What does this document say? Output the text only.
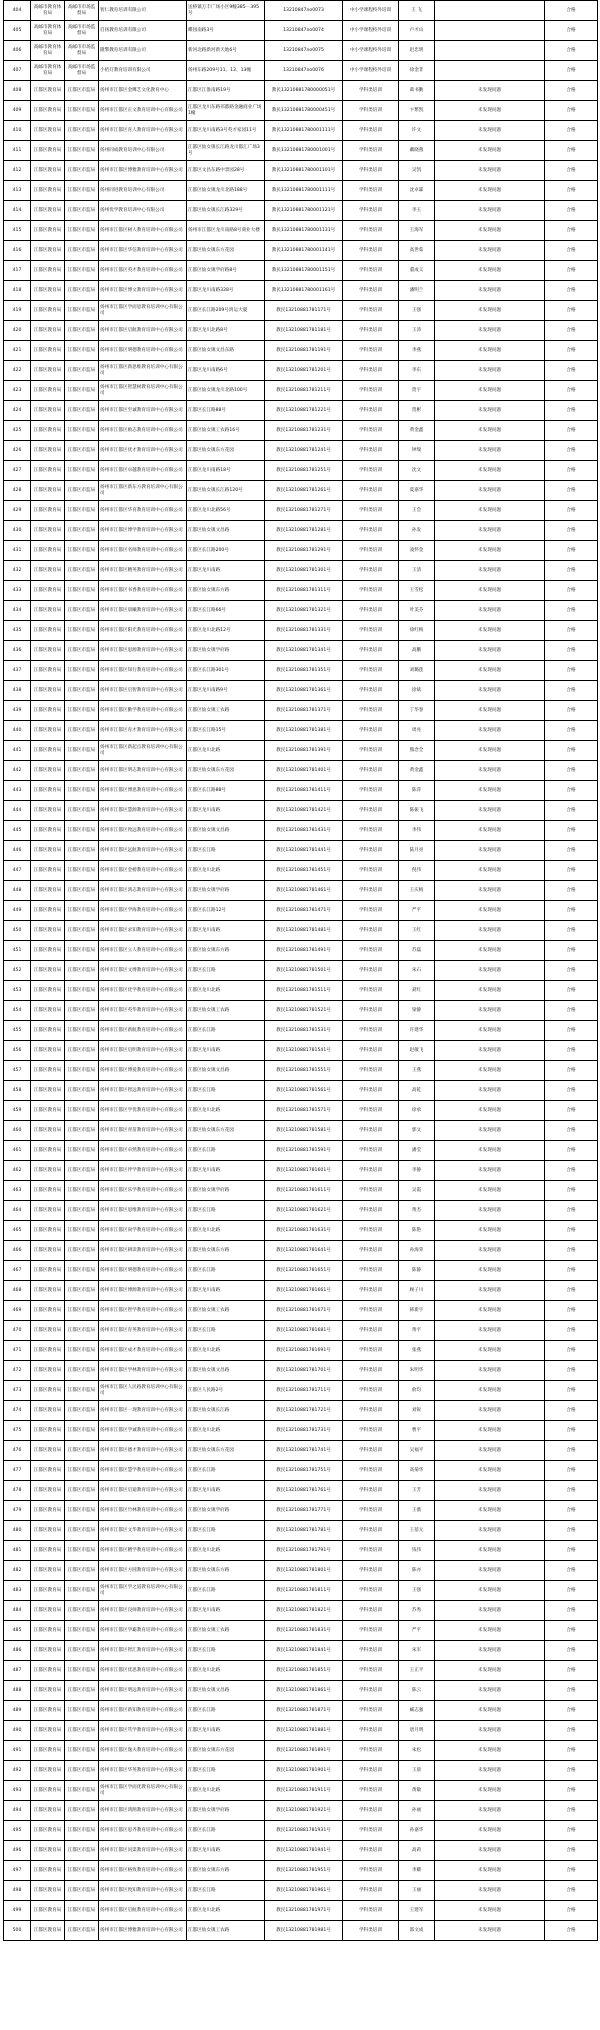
404	高邮市教育体育局	高邮市市场监督局	智仁教育培训有限公司	送桥镇万丰广场小区9幢385－395号	13210847no0073	中小学课程校外培训	王 飞		合格
405	高邮市教育体育局	高邮市市场监督局	启扬教育培训有限公司	蝶园南路3号	13210847no0074	中小学课程校外培训	卢才山		合格
406	高邮市教育体育局	高邮市市场监督局	隆擎教育培训有限公司	新河北路新河新天地6号	13210847no0075	中小学课程校外培训	赵忠明		合格
407	高邮市教育体育局	高邮市市场监督局	小桔灯教育培训有限公司	扬州东路209号11、12、13幢	13210847no0076	中小学课程校外培训	徐金非		合格
408	江都区教育局	江都区市监局	扬州市江都区金鹰艺文化教育中心	江都区江淮南路19号	教民13210881780000051号	学科类培训	葛书勤	未发现问题	合格
409	江都区教育局	江都区市监局	扬州市江都区正文教育培训中心有限公司	江都区龙川东路邗都路金融商业广场1幢	教民13210881780000451号	学科类培训	卞繁凯	未发现问题	合格
410	江都区教育局	江都区市监局	扬州市江都区育人教育培训中心有限公司	江都区龙川南路3号英才家园11号	教民13210881780001111号	学科类培训	许文	未发现问题	合格
411	江都区教育局	江都区市监局	扬州同成教育培训中心有限公司	江都区仙女镇长江路龙川都汇广场3号	教民13210881780001001号	学科类培训	戴晓燕	未发现问题	合格
412	江都区教育局	江都区市监局	扬州市江都区博雅教育培训中心有限公司	江都区文昌东路中景园28号	教民13210881780001101号	学科类培训	吴凯	未发现问题	合格
413	江都区教育局	江都区市监局	扬州同进教育培训中心有限公司	江都区仙女镇龙川北路188号	教民13210881780001111号	学科类培训	沈卓霖	未发现问题	合格
414	江都区教育局	江都区市监局	扬州优学教育培训中心有限公司	江都区仙女镇长江路329号	教民13210881780001121号	学科类培训	李玉	未发现问题	合格
415	江都区教育局	江都区市监局	扬州市江都区树人教育培训中心有限公司	扬州市江都区龙川南路8号商业大楼	教民13210881780001131号	学科类培训	王海军	未发现问题	合格
416	江都区教育局	江都区市监局	扬州市江都区华信教育培训中心有限公司	江都区仙女镇东方花园	教民13210881780001141号	学科类培训	高世茹	未发现问题	合格
417	江都区教育局	江都区市监局	扬州市江都区英才教育培训中心有限公司	江都区仙女镇学府路8号	教民13210881780001151号	学科类培训	董成义	未发现问题	合格
418	江都区教育局	江都区市监局	扬州市江都区博文教育培训中心有限公司	江都区龙川南路328号	教民13210881780001161号	学科类培训	潘明兰	未发现问题	合格
419	江都区教育局	江都区市监局	扬州市江都区学而思教育培训中心有限公司	江都区长江路209号鸿运大厦	教民13210881781171号	学科类培训	王强	未发现问题	合格
420	江都区教育局	江都区市监局	扬州市江都区启航教育培训中心有限公司	江都区龙川北路8号	教民13210881781181号	学科类培训	王沛	未发现问题	合格
421	江都区教育局	江都区市监局	扬州市江都区明德教育培训中心有限公司	江都区仙女镇文昌东路	教民13210881781191号	学科类培训	李燕	未发现问题	合格
422	江都区教育局	江都区市监局	扬州市江都区新思维教育培训中心有限公司	江都区龙川南路6号	教民13210881781201号	学科类培训	李东	未发现问题	合格
423	江都区教育局	江都区市监局	扬州市江都区智慧树教育培训中心有限公司	江都区仙女镇龙川北路100号	教民13210881781211号	学科类培训	贺宇	未发现问题	合格
424	江都区教育局	江都区市监局	扬州市江都区至诚教育培训中心有限公司	江都区长江路88号	教民13210881781221号	学科类培训	贺彬	未发现问题	合格
425	江都区教育局	江都区市监局	扬州市江都区励志教育培训中心有限公司	江都区仙女镇工农路16号	教民13210881781231号	学科类培训	黄金鑫	未发现问题	合格
426	江都区教育局	江都区市监局	扬州市江都区优才教育培训中心有限公司	江都区仙女镇东方花园	教民13210881781241号	学科类培训	钟瑞	未发现问题	合格
427	江都区教育局	江都区市监局	扬州市江都区卓越教育培训中心有限公司	江都区龙川南路18号	教民13210881781251号	学科类培训	沈文	未发现问题	合格
428	江都区教育局	江都区市监局	扬州市江都区新东方教育培训中心有限公司	江都区仙女镇长江路120号	教民13210881781261号	学科类培训	夏嘉华	未发现问题	合格
429	江都区教育局	江都区市监局	扬州市江都区华育教育培训中心有限公司	江都区龙川北路56号	教民13210881781271号	学科类培训	王会	未发现问题	合格
430	江都区教育局	江都区市监局	扬州市江都区博学教育培训中心有限公司	江都区仙女镇文昌路	教民13210881781281号	学科类培训	孙发	未发现问题	合格
431	江都区教育局	江都区市监局	扬州市江都区名师教育培训中心有限公司	江都区长江路200号	教民13210881781291号	学科类培训	凌怀金	未发现问题	合格
432	江都区教育局	江都区市监局	扬州市江都区精英教育培训中心有限公司	江都区龙川南路	教民13210881781301号	学科类培训	王清	未发现问题	合格
433	江都区教育局	江都区市监局	扬州市江都区书香教育培训中心有限公司	江都区仙女镇东方路	教民13210881781311号	学科类培训	王雪松	未发现问题	合格
434	江都区教育局	江都区市监局	扬州市江都区晨曦教育培训中心有限公司	江都区长江路66号	教民13210881781321号	学科类培训	叶美芬	未发现问题	合格
435	江都区教育局	江都区市监局	扬州市江都区阳光教育培训中心有限公司	江都区龙川北路12号	教民13210881781331号	学科类培训	徐红梅	未发现问题	合格
436	江都区教育局	江都区市监局	扬州市江都区思源教育培训中心有限公司	江都区仙女镇学府路	教民13210881781341号	学科类培训	高鹏	未发现问题	合格
437	江都区教育局	江都区市监局	扬州市江都区知行教育培训中心有限公司	江都区长江路301号	教民13210881781351号	学科类培训	刘璐莲	未发现问题	合格
438	江都区教育局	江都区市监局	扬州市江都区启智教育培训中心有限公司	江都区龙川南路9号	教民13210881781361号	学科类培训	徐斌	未发现问题	合格
439	江都区教育局	江都区市监局	扬州市江都区勤学教育培训中心有限公司	江都区仙女镇工农路	教民13210881781371号	学科类培训	丁华春	未发现问题	合格
440	江都区教育局	江都区市监局	扬州市江都区育才教育培训中心有限公司	江都区长江路15号	教民13210881781381号	学科类培训	周亮	未发现问题	合格
441	江都区教育局	江都区市监局	扬州市江都区新起点教育培训中心有限公司	江都区龙川北路	教民13210881781391号	学科类培训	熊念全	未发现问题	合格
442	江都区教育局	江都区市监局	扬州市江都区明志教育培训中心有限公司	江都区仙女镇东方花园	教民13210881781401号	学科类培训	黄金鑫	未发现问题	合格
443	江都区教育局	江都区市监局	扬州市江都区博思教育培训中心有限公司	江都区长江路88号	教民13210881781411号	学科类培训	陈萍	未发现问题	合格
444	江都区教育局	江都区市监局	扬州市江都区慧源教育培训中心有限公司	江都区龙川南路	教民13210881781421号	学科类培训	陈振飞	未发现问题	合格
445	江都区教育局	江都区市监局	扬州市江都区致远教育培训中心有限公司	江都区仙女镇文昌路	教民13210881781431号	学科类培训	李伟	未发现问题	合格
446	江都区教育局	江都区市监局	扬州市江都区远航教育培训中心有限公司	江都区长江路	教民13210881781441号	学科类培训	陆月亮	未发现问题	合格
447	江都区教育局	江都区市监局	扬州市江都区金榜教育培训中心有限公司	江都区龙川北路	教民13210881781451号	学科类培训	倪伟	未发现问题	合格
448	江都区教育局	江都区市监局	扬州市江都区鸿志教育培训中心有限公司	江都区仙女镇学府路	教民13210881781461号	学科类培训	王庆梅	未发现问题	合格
449	江都区教育局	江都区市监局	扬州市江都区学海教育培训中心有限公司	江都区长江路12号	教民13210881781471号	学科类培训	严平	未发现问题	合格
450	江都区教育局	江都区市监局	扬州市江都区求知教育培训中心有限公司	江都区龙川南路	教民13210881781481号	学科类培训	王红	未发现问题	合格
451	江都区教育局	江都区市监局	扬州市江都区立人教育培训中心有限公司	江都区仙女镇东方路	教民13210881781491号	学科类培训	苏磊	未发现问题	合格
452	江都区教育局	江都区市监局	扬州市江都区文博教育培训中心有限公司	江都区长江路	教民13210881781501号	学科类培训	朱石	未发现问题	合格
453	江都区教育局	江都区市监局	扬州市江都区优学教育培训中心有限公司	江都区龙川北路	教民13210881781511号	学科类培训	聂红	未发现问题	合格
454	江都区教育局	江都区市监局	扬州市江都区英华教育培训中心有限公司	江都区仙女镇工农路	教民13210881781521号	学科类培训	梁静	未发现问题	合格
455	江都区教育局	江都区市监局	扬州市江都区新航教育培训中心有限公司	江都区长江路	教民13210881781531号	学科类培训	许建华	未发现问题	合格
456	江都区教育局	江都区市监局	扬州市江都区启明教育培训中心有限公司	江都区龙川南路	教民13210881781541号	学科类培训	赵敏飞	未发现问题	合格
457	江都区教育局	江都区市监局	扬州市江都区博爱教育培训中心有限公司	江都区仙女镇文昌路	教民13210881781551号	学科类培训	王燕	未发现问题	合格
458	江都区教育局	江都区市监局	扬州市江都区智远教育培训中心有限公司	江都区长江路	教民13210881781561号	学科类培训	高乾	未发现问题	合格
459	江都区教育局	江都区市监局	扬州市江都区学优教育培训中心有限公司	江都区龙川北路	教民13210881781571号	学科类培训	徐承	未发现问题	合格
460	江都区教育局	江都区市监局	扬州市江都区青苗教育培训中心有限公司	江都区仙女镇东方花园	教民13210881781581号	学科类培训	郭文	未发现问题	合格
461	江都区教育局	江都区市监局	扬州市江都区卓然教育培训中心有限公司	江都区长江路	教民13210881781591号	学科类培训	潘莹	未发现问题	合格
462	江都区教育局	江都区市监局	扬州市江都区伴学教育培训中心有限公司	江都区龙川南路	教民13210881781601号	学科类培训	李静	未发现问题	合格
463	江都区教育局	江都区市监局	扬州市江都区乐学教育培训中心有限公司	江都区仙女镇学府路	教民13210881781611号	学科类培训	吴霞	未发现问题	合格
464	江都区教育局	江都区市监局	扬州市江都区思维教育培训中心有限公司	江都区长江路	教民13210881781621号	学科类培训	黄杰	未发现问题	合格
465	江都区教育局	江都区市监局	扬州市江都区尚学教育培训中心有限公司	江都区龙川北路	教民13210881781631号	学科类培训	陈艳	未发现问题	合格
466	江都区教育局	江都区市监局	扬州市江都区耕读教育培训中心有限公司	江都区仙女镇东方路	教民13210881781641号	学科类培训	孙海荣	未发现问题	合格
467	江都区教育局	江都区市监局	扬州市江都区明德教育培训中心有限公司	江都区长江路	教民13210881781651号	学科类培训	陈静	未发现问题	合格
468	江都区教育局	江都区市监局	扬州市江都区博源教育培训中心有限公司	江都区龙川南路	教民13210881781661号	学科类培训	顾子川	未发现问题	合格
469	江都区教育局	江都区市监局	扬州市江都区智学教育培训中心有限公司	江都区仙女镇工农路	教民13210881781671号	学科类培训	韩新宇	未发现问题	合格
470	江都区教育局	江都区市监局	扬州市江都区育英教育培训中心有限公司	江都区长江路	教民13210881781681号	学科类培训	黄平	未发现问题	合格
471	江都区教育局	江都区市监局	扬州市江都区成才教育培训中心有限公司	江都区龙川北路	教民13210881781691号	学科类培训	张燕	未发现问题	合格
472	江都区教育局	江都区市监局	扬州市江都区学林教育培训中心有限公司	江都区仙女镇文昌路	教民13210881781701号	学科类培训	朱明华	未发现问题	合格
473	江都区教育局	江都区市监局	扬州市江都区人民路教育培训中心有限公司	江都区人民路2号	教民13210881781711号	学科类培训	俞均	未发现问题	合格
474	江都区教育局	江都区市监局	扬州市江都区一现教育培训中心有限公司	江都区仙女镇长江路	教民13210881781721号	学科类培训	刘锐	未发现问题	合格
475	江都区教育局	江都区市监局	扬州市江都区学诚教育培训中心有限公司	江都区龙川北路	教民13210881781731号	学科类培训	曹平	未发现问题	合格
476	江都区教育局	江都区市监局	扬州市江都区德才教育培训中心有限公司	江都区仙女镇东方花园	教民13210881781741号	学科类培训	吴福平	未发现问题	合格
477	江都区教育局	江都区市监局	扬州市江都区慧学教育培训中心有限公司	江都区长江路	教民13210881781751号	学科类培训	高菊华	未发现问题	合格
478	江都区教育局	江都区市监局	扬州市江都区启迪教育培训中心有限公司	江都区龙川南路	教民13210881781761号	学科类培训	王芳	未发现问题	合格
479	江都区教育局	江都区市监局	扬州市江都区竹林教育培训中心有限公司	江都区仙女镇学府路	教民13210881781771号	学科类培训	王薇	未发现问题	合格
480	江都区教育局	江都区市监局	扬州市江都区文华教育培训中心有限公司	江都区长江路	教民13210881781781号	学科类培训	王蓓元	未发现问题	合格
481	江都区教育局	江都区市监局	扬州市江都区精学教育培训中心有限公司	江都区龙川北路	教民13210881781791号	学科类培训	钱伟	未发现问题	合格
482	江都区教育局	江都区市监局	扬州市江都区方圆教育培训中心有限公司	江都区仙女镇东方路	教民13210881781801号	学科类培训	陈亦	未发现问题	合格
483	江都区教育局	江都区市监局	扬州市江都区学之道教育培训中心有限公司	江都区长江路	教民13210881781811号	学科类培训	王强	未发现问题	合格
484	江都区教育局	江都区市监局	扬州市江都区良师教育培训中心有限公司	江都区龙川南路	教民13210881781821号	学科类培训	苏秀	未发现问题	合格
485	江都区教育局	江都区市监局	扬州市江都区学霸教育培训中心有限公司	江都区仙女镇工农路	教民13210881781831号	学科类培训	严平	未发现问题	合格
486	江都区教育局	江都区市监局	扬州市江都区智汇教育培训中心有限公司	江都区长江路	教民13210881781841号	学科类培训	朱军	未发现问题	合格
487	江都区教育局	江都区市监局	扬州市江都区优思教育培训中心有限公司	江都区龙川北路	教民13210881781851号	学科类培训	王正平	未发现问题	合格
488	江都区教育局	江都区市监局	扬州市江都区明远教育培训中心有限公司	江都区仙女镇文昌路	教民13210881781861号	学科类培训	陈云	未发现问题	合格
489	江都区教育局	江都区市监局	扬州市江都区新知教育培训中心有限公司	江都区长江路	教民13210881781871号	学科类培训	臧志强	未发现问题	合格
490	江都区教育局	江都区市监局	扬州市江都区笃学教育培训中心有限公司	江都区龙川南路	教民13210881781881号	学科类培训	唐月明	未发现问题	合格
491	江都区教育局	江都区市监局	扬州市江都区逸夫教育培训中心有限公司	江都区仙女镇东方花园	教民13210881781891号	学科类培训	朱松	未发现问题	合格
492	江都区教育局	江都区市监局	扬州市江都区华英教育培训中心有限公司	江都区长江路	教民13210881781901号	学科类培训	王晨	未发现问题	合格
493	江都区教育局	江都区市监局	扬州市江都区学而优教育培训中心有限公司	江都区龙川北路	教民13210881781911号	学科类培训	黄敏	未发现问题	合格
494	江都区教育局	江都区市监局	扬州市江都区鸿鹄教育培训中心有限公司	江都区仙女镇学府路	教民13210881781921号	学科类培训	孙丽	未发现问题	合格
495	江都区教育局	江都区市监局	扬州市江都区思齐教育培训中心有限公司	江都区长江路	教民13210881781931号	学科类培训	孙嘉华	未发现问题	合格
496	江都区教育局	江都区市监局	扬州市江都区问渠教育培训中心有限公司	江都区龙川南路	教民13210881781941号	学科类培训	高莉	未发现问题	合格
497	江都区教育局	江都区市监局	扬州市江都区格致教育培训中心有限公司	江都区仙女镇东方路	教民13210881781951号	学科类培训	李耀	未发现问题	合格
498	江都区教育局	江都区市监局	扬州市江都区致知教育培训中心有限公司	江都区长江路	教民13210881781961号	学科类培训	王丽	未发现问题	合格
499	江都区教育局	江都区市监局	扬州市江都区启航教育培训中心有限公司	江都区龙川北路	教民13210881781971号	学科类培训	王建军	未发现问题	合格
500	江都区教育局	江都区市监局	扬州市江都区博雅教育培训中心有限公司	江都区仙女镇工农路	教民13210881781981号	学科类培训	邵文成	未发现问题	合格
